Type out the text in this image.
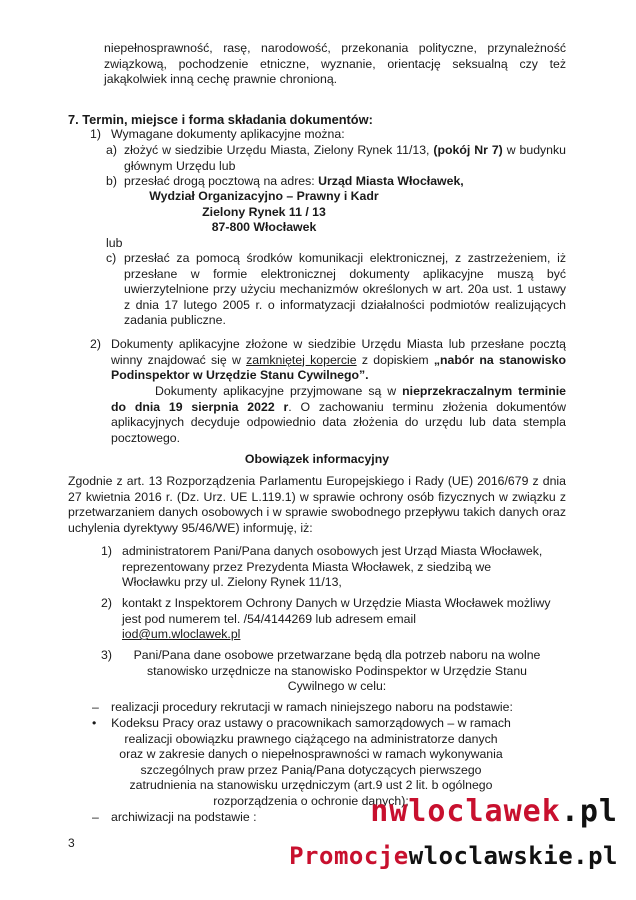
niepełnosprawność, rasę, narodowość, przekonania polityczne, przynależność związkową, pochodzenie etniczne, wyznanie, orientację seksualną czy też jakąkolwiek inną cechę prawnie chronioną.

7. Termin, miejsce i forma składania dokumentów:
1) Wymagane dokumenty aplikacyjne można:
a) złożyć w siedzibie Urzędu Miasta, Zielony Rynek 11/13, (pokój Nr 7) w budynku głównym Urzędu lub

b) przesłać drogą pocztową na adres: Urząd Miasta Włocławek,
Wydział Organizacyjno – Prawny i Kadr
Zielony Rynek 11 / 13
87-800 Włocławek
lub
c) przesłać za pomocą środków komunikacji elektronicznej, z zastrzeżeniem, iż przesłane w formie elektronicznej dokumenty aplikacyjne muszą być uwierzytelnione przy użyciu mechanizmów określonych w art. 20a ust. 1 ustawy z dnia 17 lutego 2005 r. o informatyzacji działalności podmiotów realizujących zadania publiczne.

2) Dokumenty aplikacyjne złożone w siedzibie Urzędu Miasta lub przesłane pocztą winny znajdować się w zamkniętej kopercie z dopiskiem „nabór na stanowisko Podinspektor w Urzędzie Stanu Cywilnego”.

Dokumenty aplikacyjne przyjmowane są w nieprzekraczalnym terminie do dnia 19 sierpnia 2022 r. O zachowaniu terminu złożenia dokumentów aplikacyjnych decyduje odpowiednio data złożenia do urzędu lub data stempla pocztowego.

Obowiązek informacyjny

Zgodnie z art. 13 Rozporządzenia Parlamentu Europejskiego i Rady (UE) 2016/679 z dnia 27 kwietnia 2016 r. (Dz. Urz. UE L.119.1) w sprawie ochrony osób fizycznych w związku z przetwarzaniem danych osobowych i w sprawie swobodnego przepływu takich danych oraz uchylenia dyrektywy 95/46/WE) informuję, iż:

1) administratorem Pani/Pana danych osobowych jest Urząd Miasta Włocławek, reprezentowany przez Prezydenta Miasta Włocławek, z siedzibą we Włocławku przy ul. Zielony Rynek 11/13,

2) kontakt z Inspektorem Ochrony Danych w Urzędzie Miasta Włocławek możliwy jest pod numerem tel. /54/4144269 lub adresem email

iod@um.wloclawek.pl

3)	Pani/Pana dane osobowe przetwarzane będą dla potrzeb naboru na wolne stanowisko urzędnicze na stanowisko Podinspektor w Urzędzie Stanu Cywilnego w celu:

– realizacji procedury rekrutacji w ramach niniejszego naboru na podstawie:
• Kodeksu Pracy oraz ustawy o pracownikach samorządowych – w ramach realizacji obowiązku prawnego ciążącego na administratorze danych oraz w zakresie danych o niepełnosprawności w ramach wykonywania szczególnych praw przez Panią/Pana dotyczących pierwszego zatrudnienia na stanowisku urzędniczym (art.9 ust 2 lit. b ogólnego rozporządzenia o ochronie danych);

– archiwizacji na podstawie :
3
nwloclawek.pl
Promocjewloclawskie.pl
